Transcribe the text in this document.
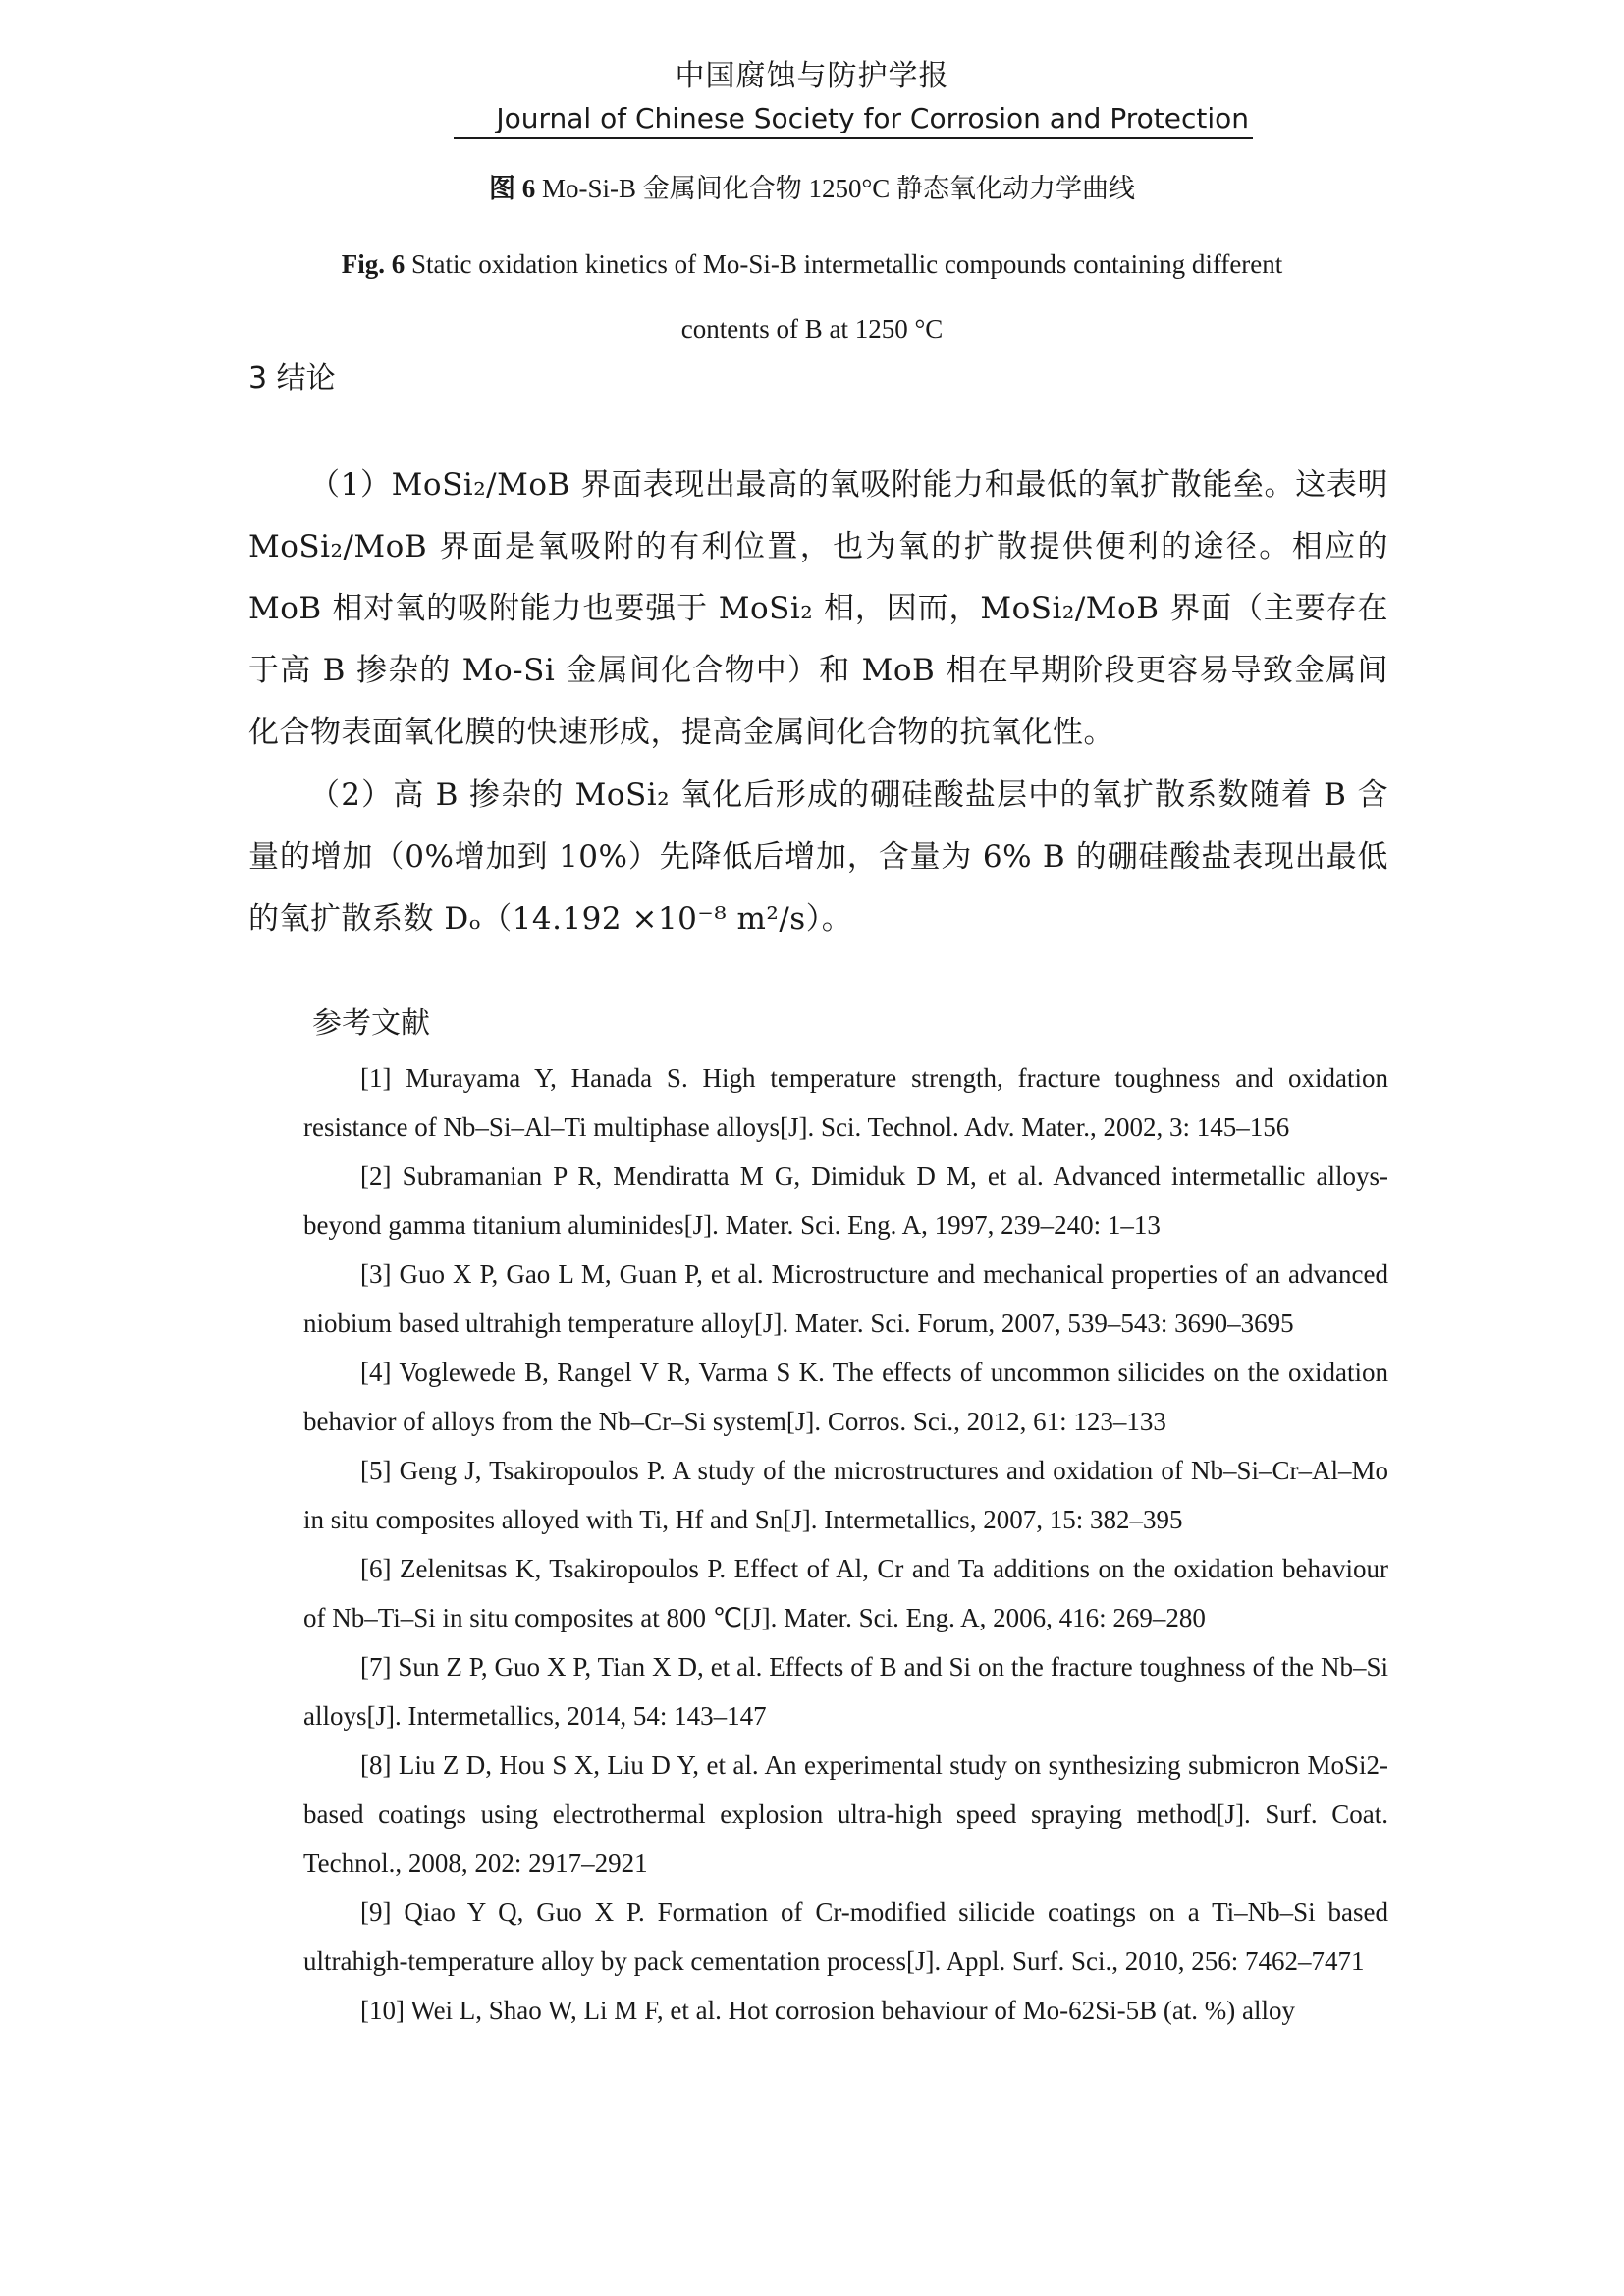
中国腐蚀与防护学报
Journal of Chinese Society for Corrosion and Protection
图 6 Mo-Si-B 金属间化合物 1250°C 静态氧化动力学曲线
Fig. 6 Static oxidation kinetics of Mo-Si-B intermetallic compounds containing different contents of B at 1250 °C
3 结论

（1）MoSi₂/MoB 界面表现出最高的氧吸附能力和最低的氧扩散能垒。这表明 MoSi₂/MoB 界面是氧吸附的有利位置，也为氧的扩散提供便利的途径。相应的 MoB 相对氧的吸附能力也要强于 MoSi₂ 相，因而，MoSi₂/MoB 界面（主要存在于高 B 掺杂的 Mo-Si 金属间化合物中）和 MoB 相在早期阶段更容易导致金属间化合物表面氧化膜的快速形成，提高金属间化合物的抗氧化性。

（2）高 B 掺杂的 MoSi₂ 氧化后形成的硼硅酸盐层中的氧扩散系数随着 B 含量的增加（0%增加到 10%）先降低后增加，含量为 6% B 的硼硅酸盐表现出最低的氧扩散系数 Dₒ（14.192 ×10⁻⁸ m²/s）。

参考文献

[1] Murayama Y, Hanada S. High temperature strength, fracture toughness and oxidation resistance of Nb–Si–Al–Ti multiphase alloys[J]. Sci. Technol. Adv. Mater., 2002, 3: 145–156

[2] Subramanian P R, Mendiratta M G, Dimiduk D M, et al. Advanced intermetallic alloys-beyond gamma titanium aluminides[J]. Mater. Sci. Eng. A, 1997, 239–240: 1–13

[3] Guo X P, Gao L M, Guan P, et al. Microstructure and mechanical properties of an advanced niobium based ultrahigh temperature alloy[J]. Mater. Sci. Forum, 2007, 539–543: 3690–3695

[4] Voglewede B, Rangel V R, Varma S K. The effects of uncommon silicides on the oxidation behavior of alloys from the Nb–Cr–Si system[J]. Corros. Sci., 2012, 61: 123–133

[5] Geng J, Tsakiropoulos P. A study of the microstructures and oxidation of Nb–Si–Cr–Al–Mo in situ composites alloyed with Ti, Hf and Sn[J]. Intermetallics, 2007, 15: 382–395

[6] Zelenitsas K, Tsakiropoulos P. Effect of Al, Cr and Ta additions on the oxidation behaviour of Nb–Ti–Si in situ composites at 800 ℃[J]. Mater. Sci. Eng. A, 2006, 416: 269–280

[7] Sun Z P, Guo X P, Tian X D, et al. Effects of B and Si on the fracture toughness of the Nb–Si alloys[J]. Intermetallics, 2014, 54: 143–147

[8] Liu Z D, Hou S X, Liu D Y, et al. An experimental study on synthesizing submicron MoSi2-based coatings using electrothermal explosion ultra-high speed spraying method[J]. Surf. Coat. Technol., 2008, 202: 2917–2921

[9] Qiao Y Q, Guo X P. Formation of Cr-modified silicide coatings on a Ti–Nb–Si based ultrahigh-temperature alloy by pack cementation process[J]. Appl. Surf. Sci., 2010, 256: 7462–7471

[10] Wei L, Shao W, Li M F, et al. Hot corrosion behaviour of Mo-62Si-5B (at. %) alloy
